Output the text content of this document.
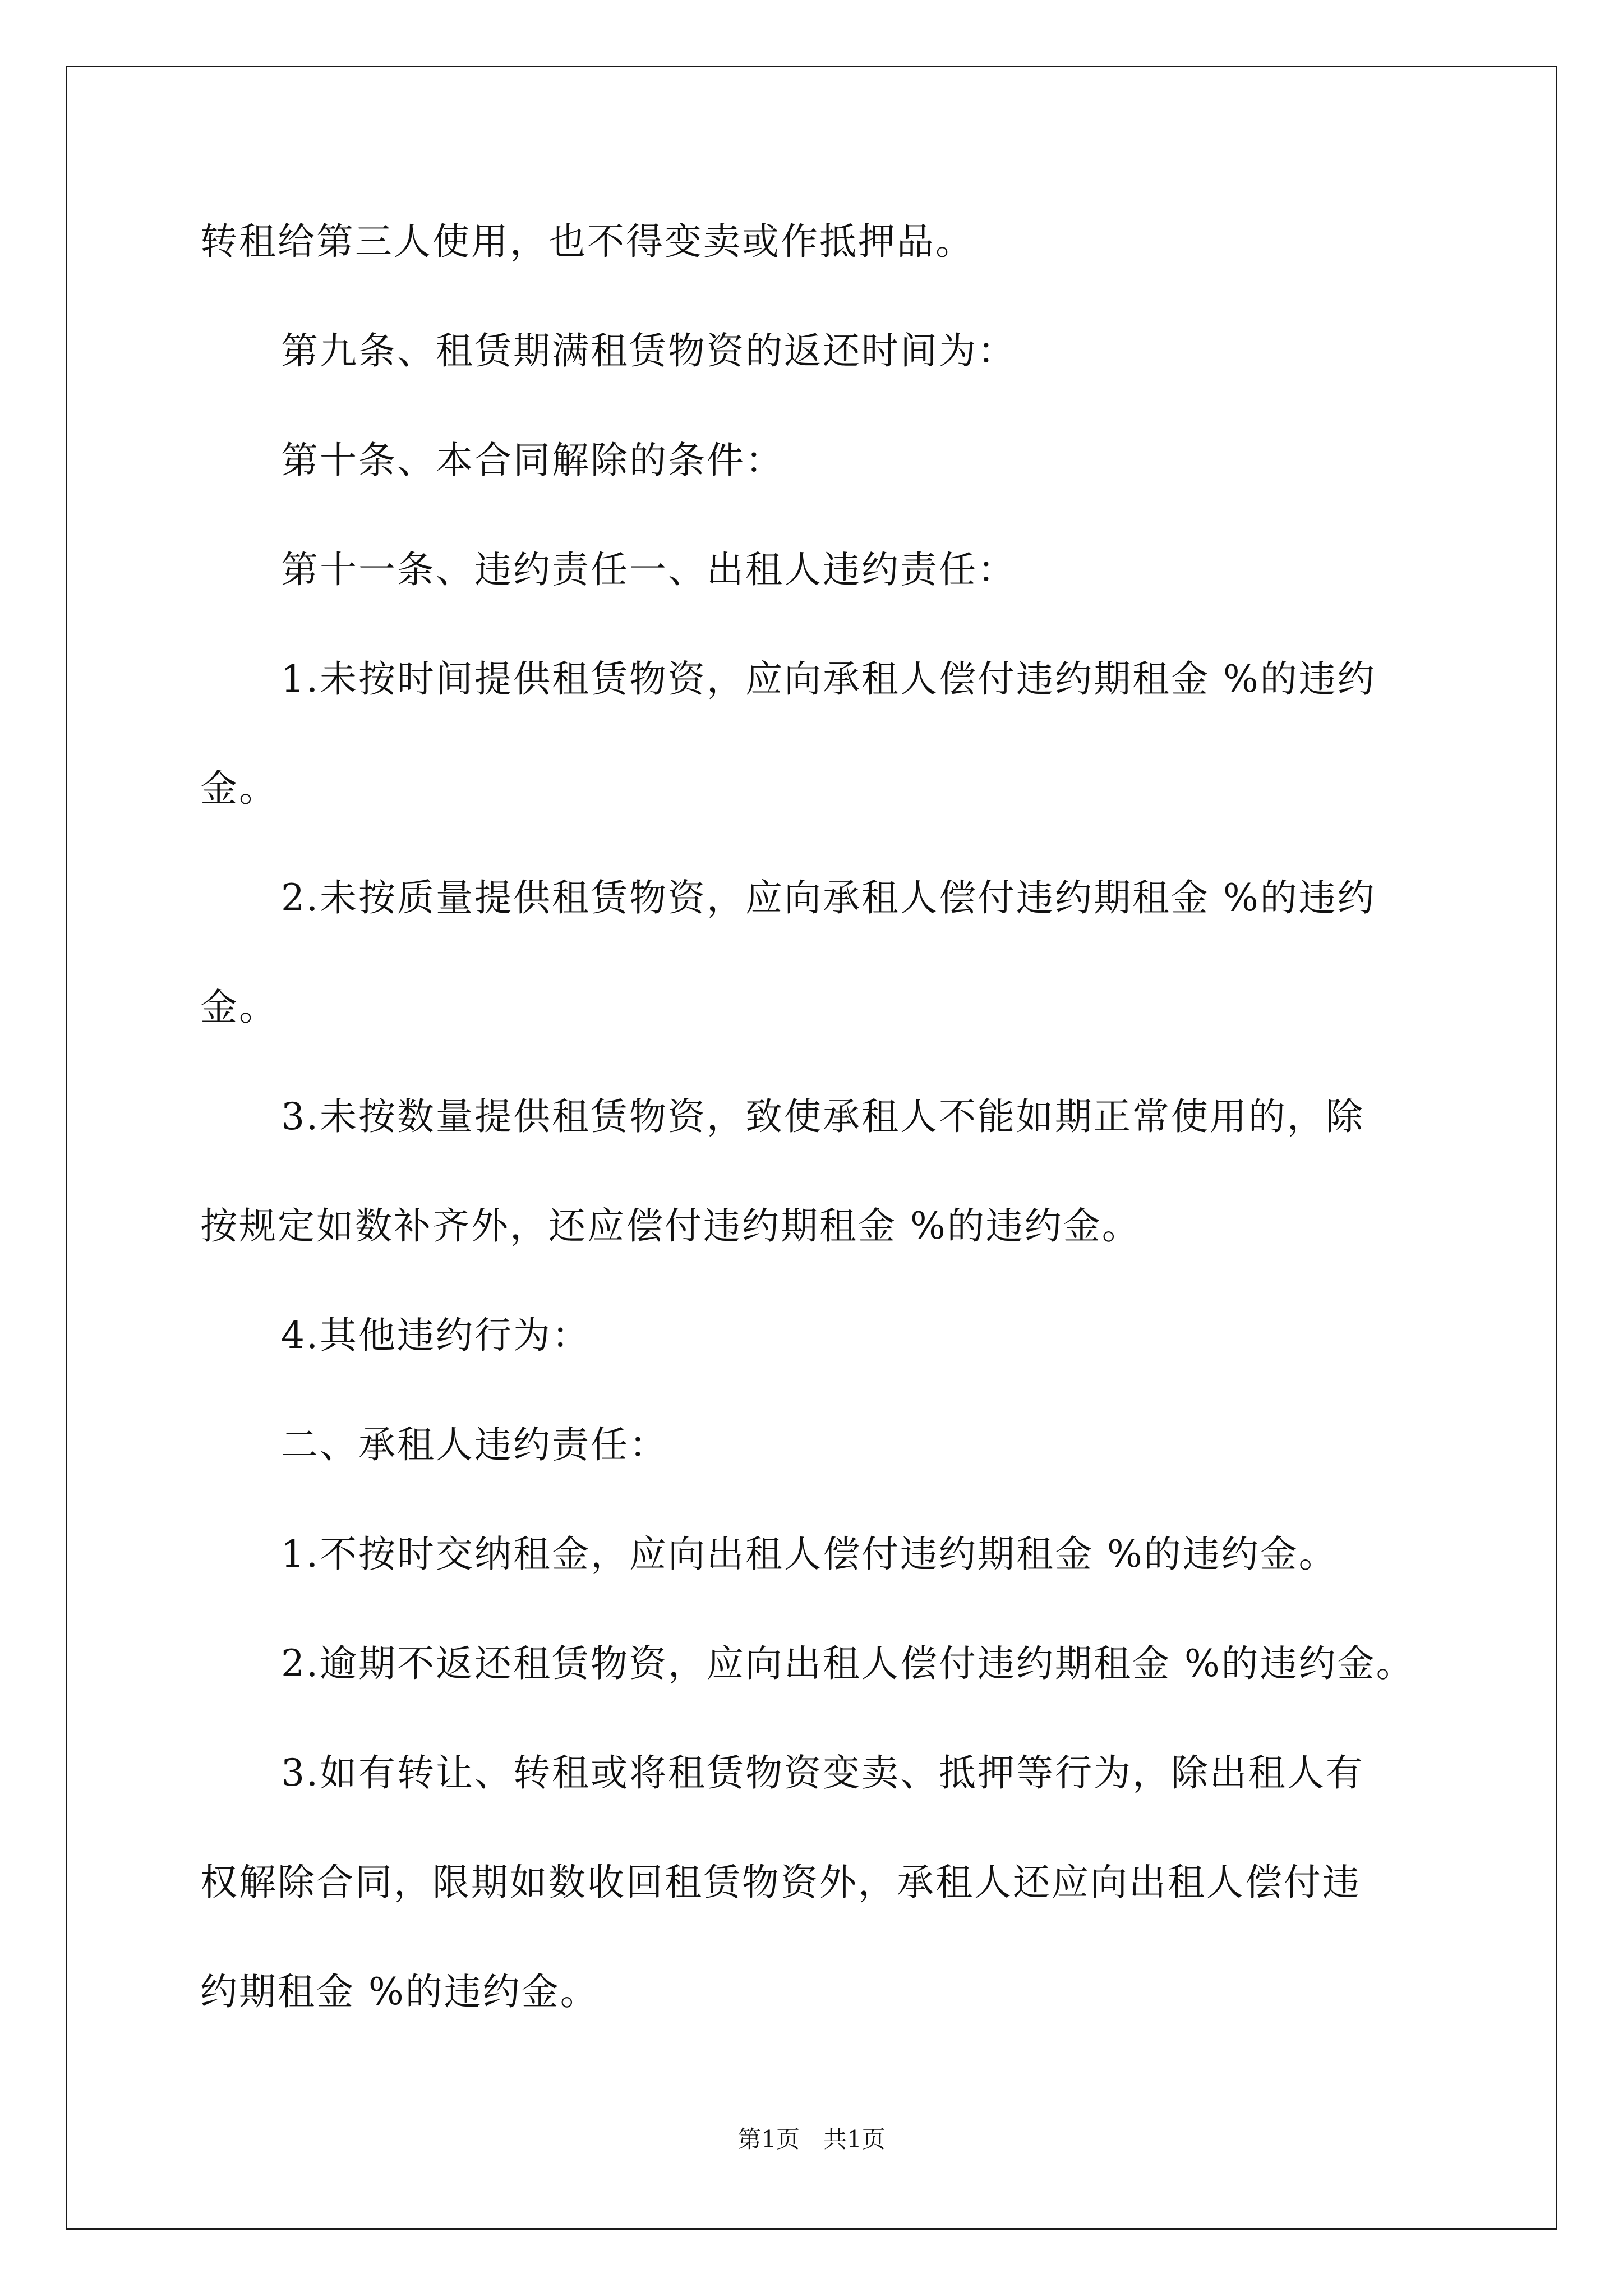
转租给第三人使用，也不得变卖或作抵押品。
第九条、租赁期满租赁物资的返还时间为：
第十条、本合同解除的条件：
第十一条、违约责任一、出租人违约责任：
1.未按时间提供租赁物资，应向承租人偿付违约期租金 %的违约
金。
2.未按质量提供租赁物资，应向承租人偿付违约期租金 %的违约
金。
3.未按数量提供租赁物资，致使承租人不能如期正常使用的，除
按规定如数补齐外，还应偿付违约期租金 %的违约金。
4.其他违约行为：
二、承租人违约责任：
1.不按时交纳租金，应向出租人偿付违约期租金 %的违约金。
2.逾期不返还租赁物资，应向出租人偿付违约期租金 %的违约金。
3.如有转让、转租或将租赁物资变卖、抵押等行为，除出租人有
权解除合同，限期如数收回租赁物资外，承租人还应向出租人偿付违
约期租金 %的违约金。
第1页　共1页
